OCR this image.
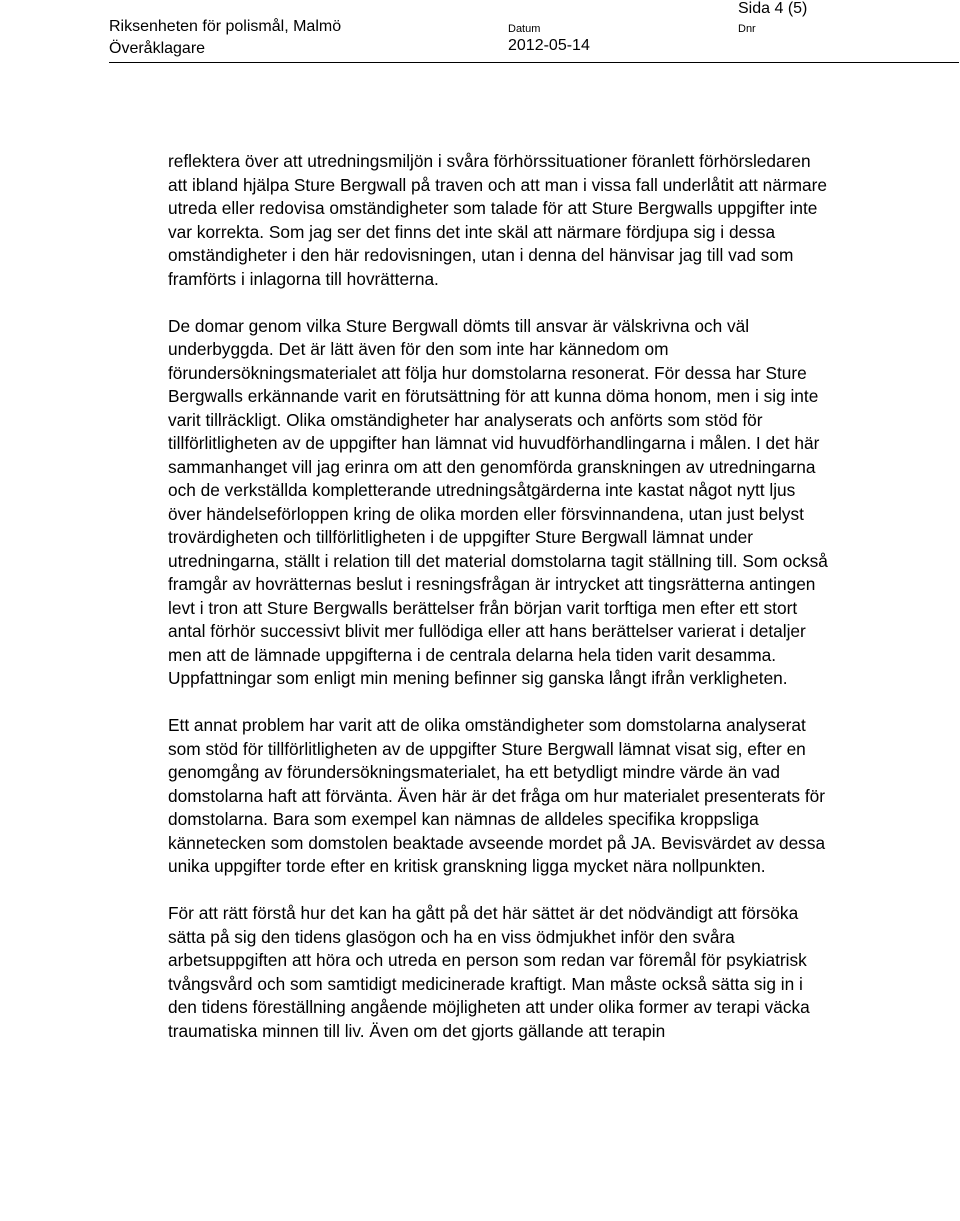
Sida 4 (5)
Riksenheten för polismål, Malmö
Överåklagare
Datum
2012-05-14
Dnr

reflektera över att utredningsmiljön i svåra förhörssituationer föranlett förhörsledaren att ibland hjälpa Sture Bergwall på traven och att man i vissa fall underlåtit att närmare utreda eller redovisa omständigheter som talade för att Sture Bergwalls uppgifter inte var korrekta. Som jag ser det finns det inte skäl att närmare fördjupa sig i dessa omständigheter i den här redovisningen, utan i denna del hänvisar jag till vad som framförts i inlagorna till hovrätterna.

De domar genom vilka Sture Bergwall dömts till ansvar är välskrivna och väl underbyggda. Det är lätt även för den som inte har kännedom om förundersökningsmaterialet att följa hur domstolarna resonerat. För dessa har Sture Bergwalls erkännande varit en förutsättning för att kunna döma honom, men i sig inte varit tillräckligt. Olika omständigheter har analyserats och anförts som stöd för tillförlitligheten av de uppgifter han lämnat vid huvudförhandlingarna i målen. I det här sammanhanget vill jag erinra om att den genomförda granskningen av utredningarna och de verkställda kompletterande utredningsåtgärderna inte kastat något nytt ljus över händelseförloppen kring de olika morden eller försvinnandena, utan just belyst trovärdigheten och tillförlitligheten i de uppgifter Sture Bergwall lämnat under utredningarna, ställt i relation till det material domstolarna tagit ställning till. Som också framgår av hovrätternas beslut i resningsfrågan är intrycket att tingsrätterna antingen levt i tron att Sture Bergwalls berättelser från början varit torftiga men efter ett stort antal förhör successivt blivit mer fullödiga eller att hans berättelser varierat i detaljer men att de lämnade uppgifterna i de centrala delarna hela tiden varit desamma. Uppfattningar som enligt min mening befinner sig ganska långt ifrån verkligheten.

Ett annat problem har varit att de olika omständigheter som domstolarna analyserat som stöd för tillförlitligheten av de uppgifter Sture Bergwall lämnat visat sig, efter en genomgång av förundersökningsmaterialet, ha ett betydligt mindre värde än vad domstolarna haft att förvänta. Även här är det fråga om hur materialet presenterats för domstolarna. Bara som exempel kan nämnas de alldeles specifika kroppsliga kännetecken som domstolen beaktade avseende mordet på JA. Bevisvärdet av dessa unika uppgifter torde efter en kritisk granskning ligga mycket nära nollpunkten.

För att rätt förstå hur det kan ha gått på det här sättet är det nödvändigt att försöka sätta på sig den tidens glasögon och ha en viss ödmjukhet inför den svåra arbetsuppgiften att höra och utreda en person som redan var föremål för psykiatrisk tvångsvård och som samtidigt medicinerade kraftigt. Man måste också sätta sig in i den tidens föreställning angående möjligheten att under olika former av terapi väcka traumatiska minnen till liv. Även om det gjorts gällande att terapin
